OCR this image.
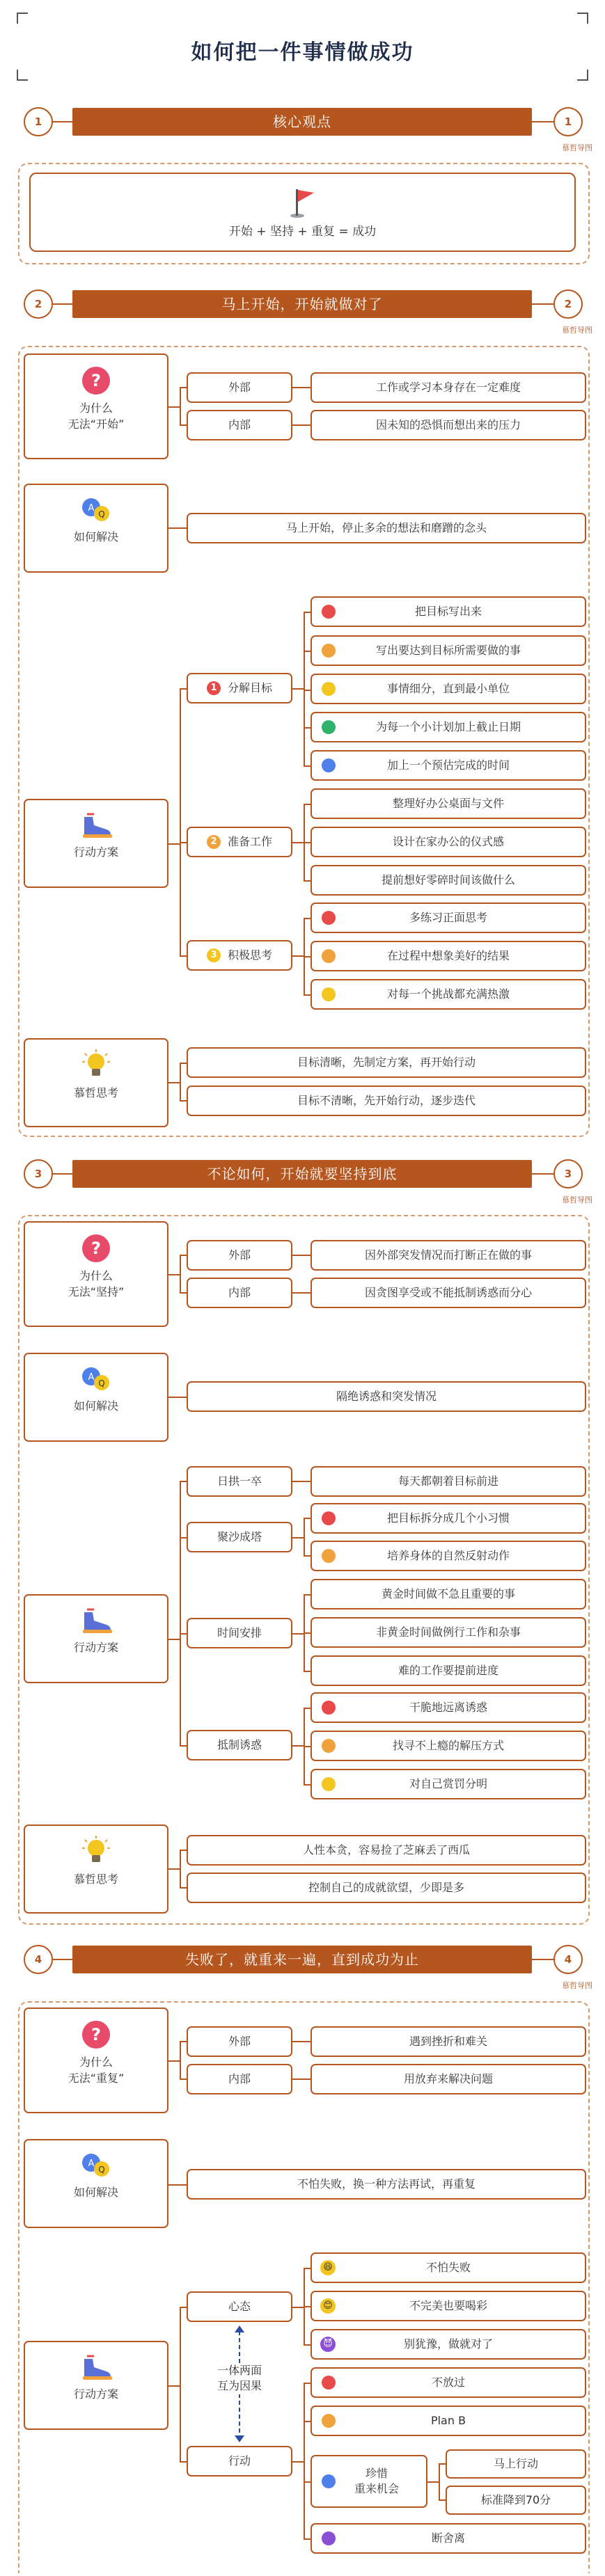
如何把一件事情做成功
1	1
核心观点
慕哲导图
开始 + 坚持 + 重复 = 成功
2	2
马上开始，开始就做对了
慕哲导图
?
为什么
无法“开始”
外部
内部
工作或学习本身存在一定难度
因未知的恐惧而想出来的压力
A
Q
如何解决
马上开始，停止多余的想法和磨蹭的念头
行动方案
1 分解目标
2 准备工作
3 积极思考
把目标写出来
写出要达到目标所需要做的事
事情细分，直到最小单位
为每一个小计划加上截止日期
加上一个预估完成的时间
整理好办公桌面与文件
设计在家办公的仪式感
提前想好零碎时间该做什么
多练习正面思考
在过程中想象美好的结果
对每一个挑战都充满热激
慕哲思考
目标清晰，先制定方案，再开始行动
目标不清晰，先开始行动，逐步迭代
3	3
不论如何，开始就要坚持到底
慕哲导图
?
为什么
无法“坚持”
外部
内部
因外部突发情况而打断正在做的事
因贪图享受或不能抵制诱惑而分心
A
Q
如何解决
隔绝诱惑和突发情况
行动方案
日拱一卒
聚沙成塔
时间安排
抵制诱惑
每天都朝着目标前进
把目标拆分成几个小习惯
培养身体的自然反射动作
黄金时间做不急且重要的事
非黄金时间做例行工作和杂事
难的工作要提前进度
干脆地远离诱惑
找寻不上瘾的解压方式
对自己赏罚分明
慕哲思考
人性本贪，容易捡了芝麻丢了西瓜
控制自己的成就欲望，少即是多
4	4
失败了，就重来一遍，直到成功为止
慕哲导图
?
为什么
无法“重复”
外部
内部
遇到挫折和难关
用放弃来解决问题
A
Q
如何解决
不怕失败，换一种方法再试，再重复
行动方案
心态
行动
一体两面
互为因果
😆	不怕失败
😊	不完美也要喝彩
😈	别犹豫，做就对了
不放过
Plan B
珍惜
重来机会
马上行动
标准降到70分
断舍离
